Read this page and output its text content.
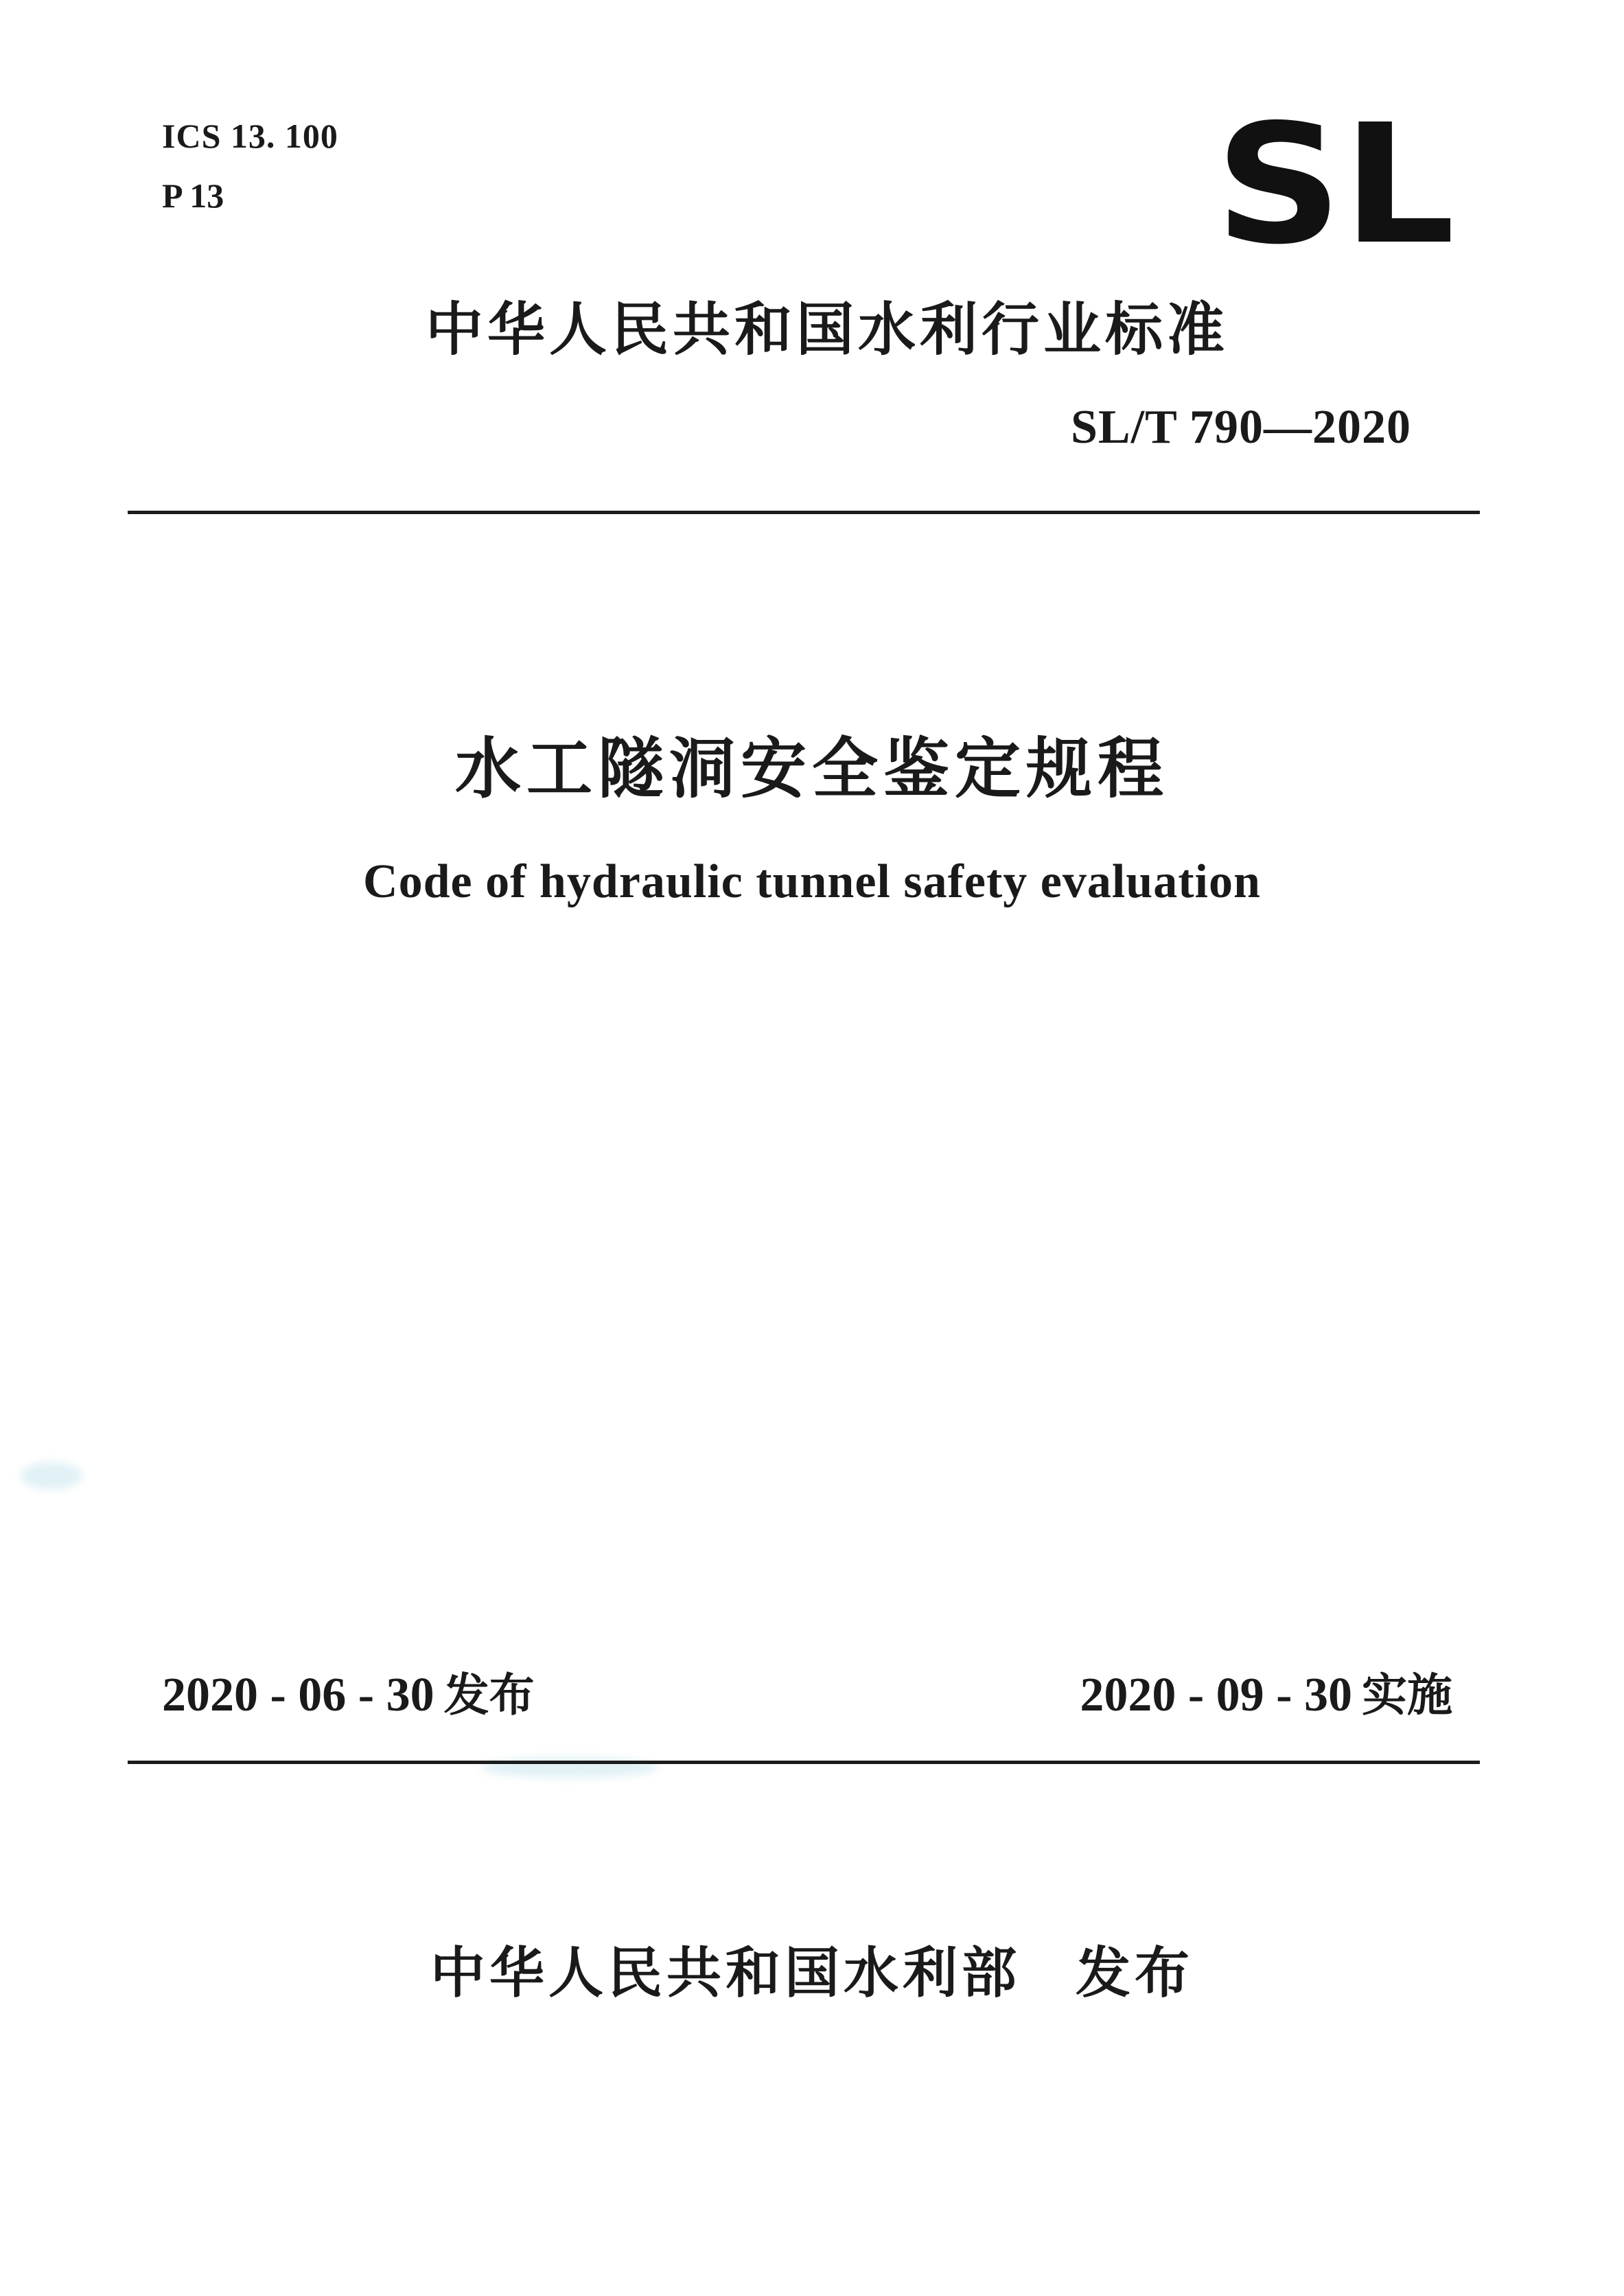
ICS 13. 100
P 13	SL
中华人民共和国水利行业标准
SL/T 790—2020
水工隧洞安全鉴定规程
Code of hydraulic tunnel safety evaluation
2020 - 06 - 30 发布	2020 - 09 - 30 实施
中华人民共和国水利部 发布
